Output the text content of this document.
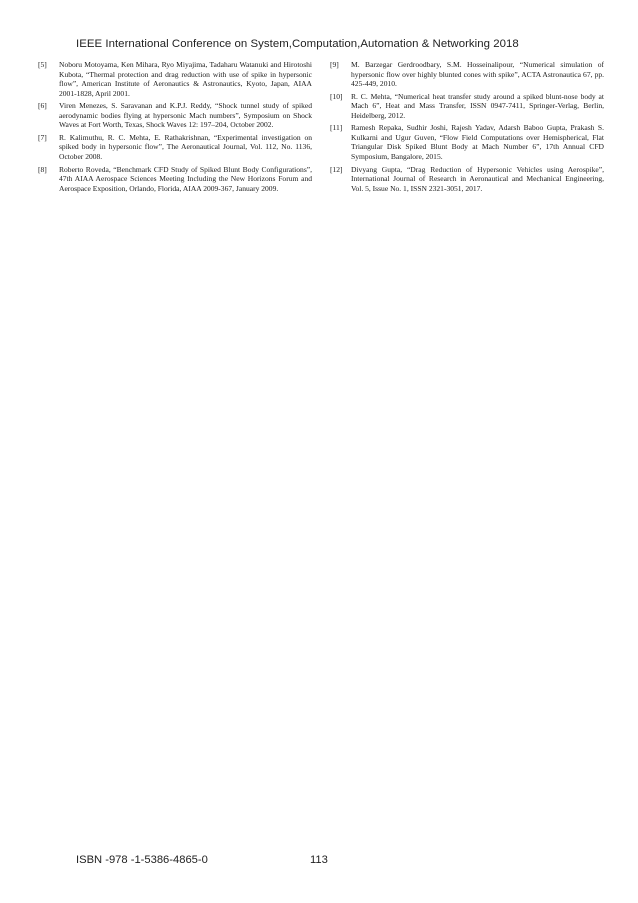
IEEE International Conference on System,Computation,Automation & Networking 2018
[5] Noboru Motoyama, Ken Mihara, Ryo Miyajima, Tadaharu Watanuki and Hirotoshi Kubota, “Thermal protection and drag reduction with use of spike in hypersonic flow”, American Institute of Aeronautics & Astronautics, Kyoto, Japan, AIAA 2001-1828, April 2001.
[6] Viren Menezes, S. Saravanan and K.P.J. Reddy, “Shock tunnel study of spiked aerodynamic bodies flying at hypersonic Mach numbers”, Symposium on Shock Waves at Fort Worth, Texas, Shock Waves 12: 197–204, October 2002.
[7] R. Kalimuthu, R. C. Mehta, E. Rathakrishnan, “Experimental investigation on spiked body in hypersonic flow”, The Aeronautical Journal, Vol. 112, No. 1136, October 2008.
[8] Roberto Roveda, “Benchmark CFD Study of Spiked Blunt Body Configurations”, 47th AIAA Aerospace Sciences Meeting Including the New Horizons Forum and Aerospace Exposition, Orlando, Florida, AIAA 2009-367, January 2009.
[9] M. Barzegar Gerdroodbary, S.M. Hosseinalipour, “Numerical simulation of hypersonic flow over highly blunted cones with spike”, ACTA Astronautica 67, pp. 425-449, 2010.
[10] R. C. Mehta, “Numerical heat transfer study around a spiked blunt-nose body at Mach 6”, Heat and Mass Transfer, ISSN 0947-7411, Springer-Verlag, Berlin, Heidelberg, 2012.
[11] Ramesh Repaka, Sudhir Joshi, Rajesh Yadav, Adarsh Baboo Gupta, Prakash S. Kulkarni and Ugur Guven, “Flow Field Computations over Hemispherical, Flat Triangular Disk Spiked Blunt Body at Mach Number 6”, 17th Annual CFD Symposium, Bangalore, 2015.
[12] Divyang Gupta, “Drag Reduction of Hypersonic Vehicles using Aerospike”, International Journal of Research in Aeronautical and Mechanical Engineering, Vol. 5, Issue No. 1, ISSN 2321-3051, 2017.
ISBN -978 -1-5386-4865-0	113
